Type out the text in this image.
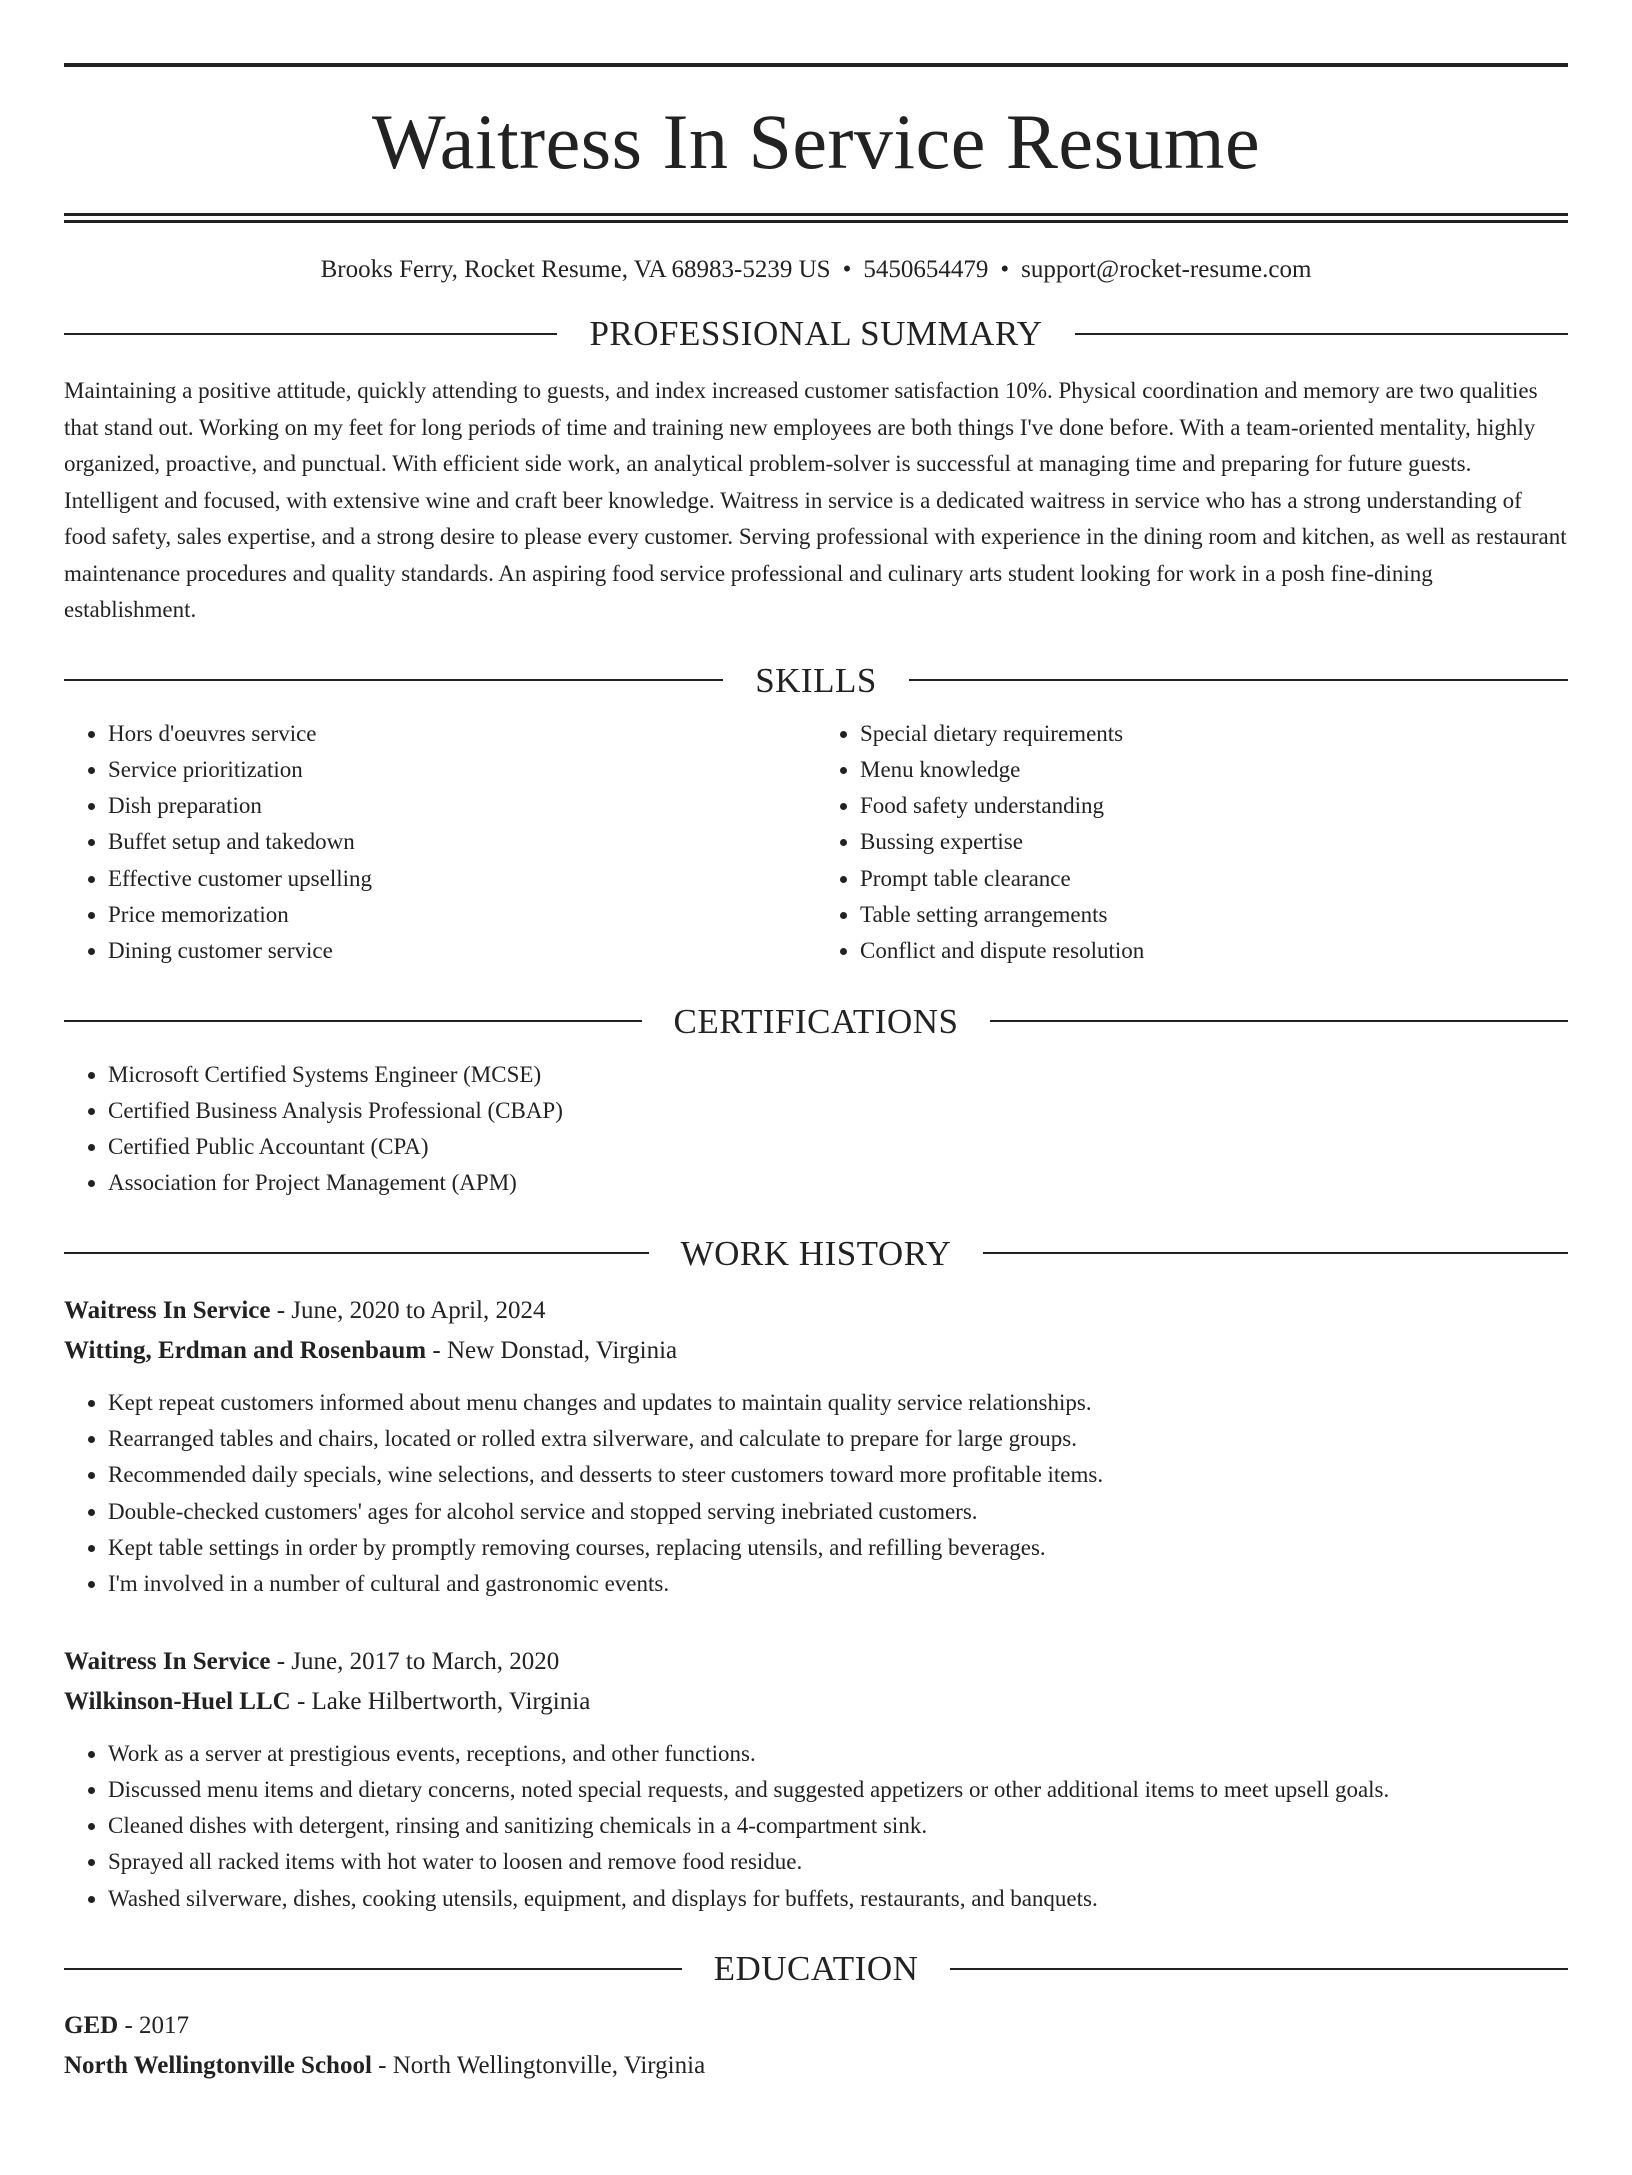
Waitress In Service Resume
Brooks Ferry, Rocket Resume, VA 68983-5239 US • 5450654479 • support@rocket-resume.com
PROFESSIONAL SUMMARY

Maintaining a positive attitude, quickly attending to guests, and index increased customer satisfaction 10%. Physical coordination and memory are two qualities that stand out. Working on my feet for long periods of time and training new employees are both things I've done before. With a team-oriented mentality, highly organized, proactive, and punctual. With efficient side work, an analytical problem-solver is successful at managing time and preparing for future guests. Intelligent and focused, with extensive wine and craft beer knowledge. Waitress in service is a dedicated waitress in service who has a strong understanding of food safety, sales expertise, and a strong desire to please every customer. Serving professional with experience in the dining room and kitchen, as well as restaurant maintenance procedures and quality standards. An aspiring food service professional and culinary arts student looking for work in a posh fine-dining establishment.

SKILLS
• Hors d'oeuvres service
• Service prioritization
• Dish preparation
• Buffet setup and takedown
• Effective customer upselling
• Price memorization
• Dining customer service
• Special dietary requirements
• Menu knowledge
• Food safety understanding
• Bussing expertise
• Prompt table clearance
• Table setting arrangements
• Conflict and dispute resolution
CERTIFICATIONS
• Microsoft Certified Systems Engineer (MCSE)
• Certified Business Analysis Professional (CBAP)
• Certified Public Accountant (CPA)
• Association for Project Management (APM)
WORK HISTORY
Waitress In Service - June, 2020 to April, 2024
Witting, Erdman and Rosenbaum - New Donstad, Virginia
• Kept repeat customers informed about menu changes and updates to maintain quality service relationships.
• Rearranged tables and chairs, located or rolled extra silverware, and calculate to prepare for large groups.
• Recommended daily specials, wine selections, and desserts to steer customers toward more profitable items.
• Double-checked customers' ages for alcohol service and stopped serving inebriated customers.
• Kept table settings in order by promptly removing courses, replacing utensils, and refilling beverages.
• I'm involved in a number of cultural and gastronomic events.
Waitress In Service - June, 2017 to March, 2020
Wilkinson-Huel LLC - Lake Hilbertworth, Virginia
• Work as a server at prestigious events, receptions, and other functions.
• Discussed menu items and dietary concerns, noted special requests, and suggested appetizers or other additional items to meet upsell goals.
• Cleaned dishes with detergent, rinsing and sanitizing chemicals in a 4-compartment sink.
• Sprayed all racked items with hot water to loosen and remove food residue.
• Washed silverware, dishes, cooking utensils, equipment, and displays for buffets, restaurants, and banquets.
EDUCATION
GED - 2017
North Wellingtonville School - North Wellingtonville, Virginia
